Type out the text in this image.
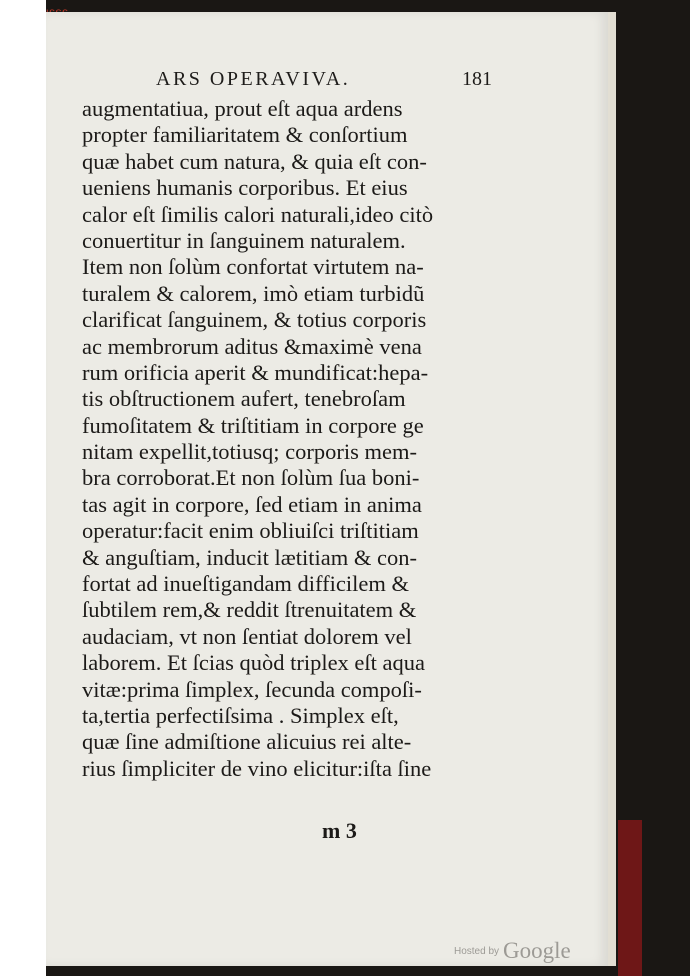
ARS OPERAVIVA.	181
augmentatiua, prout eſt aqua ardens
propter familiaritatem & conſortium
quæ habet cum natura, & quia eſt con-
ueniens humanis corporibus. Et eius
calor eſt ſimilis calori naturali,ideo citò
conuertitur in ſanguinem naturalem.
Item non ſolùm confortat virtutem na-
turalem & calorem, imò etiam turbidũ
clarificat ſanguinem, & totius corporis
ac membrorum aditus &maximè vena
rum orificia aperit & mundificat:hepa-
tis obſtructionem aufert, tenebroſam
fumoſitatem & triſtitiam in corpore ge
nitam expellit,totiusq; corporis mem-
bra corroborat.Et non ſolùm ſua boni-
tas agit in corpore, ſed etiam in anima
operatur:facit enim obliuiſci triſtitiam
& anguſtiam, inducit lætitiam & con-
fortat ad inueſtigandam difficilem &
ſubtilem rem,& reddit ſtrenuitatem &
audaciam, vt non ſentiat dolorem vel
laborem. Et ſcias quòd triplex eſt aqua
vitæ:prima ſimplex, ſecunda compoſi-
ta,tertia perfectiſsima . Simplex eſt,
quæ ſine admiſtione alicuius rei alte-
rius ſimpliciter de vino elicitur:iſta ſine
m 3
Hosted by Google
